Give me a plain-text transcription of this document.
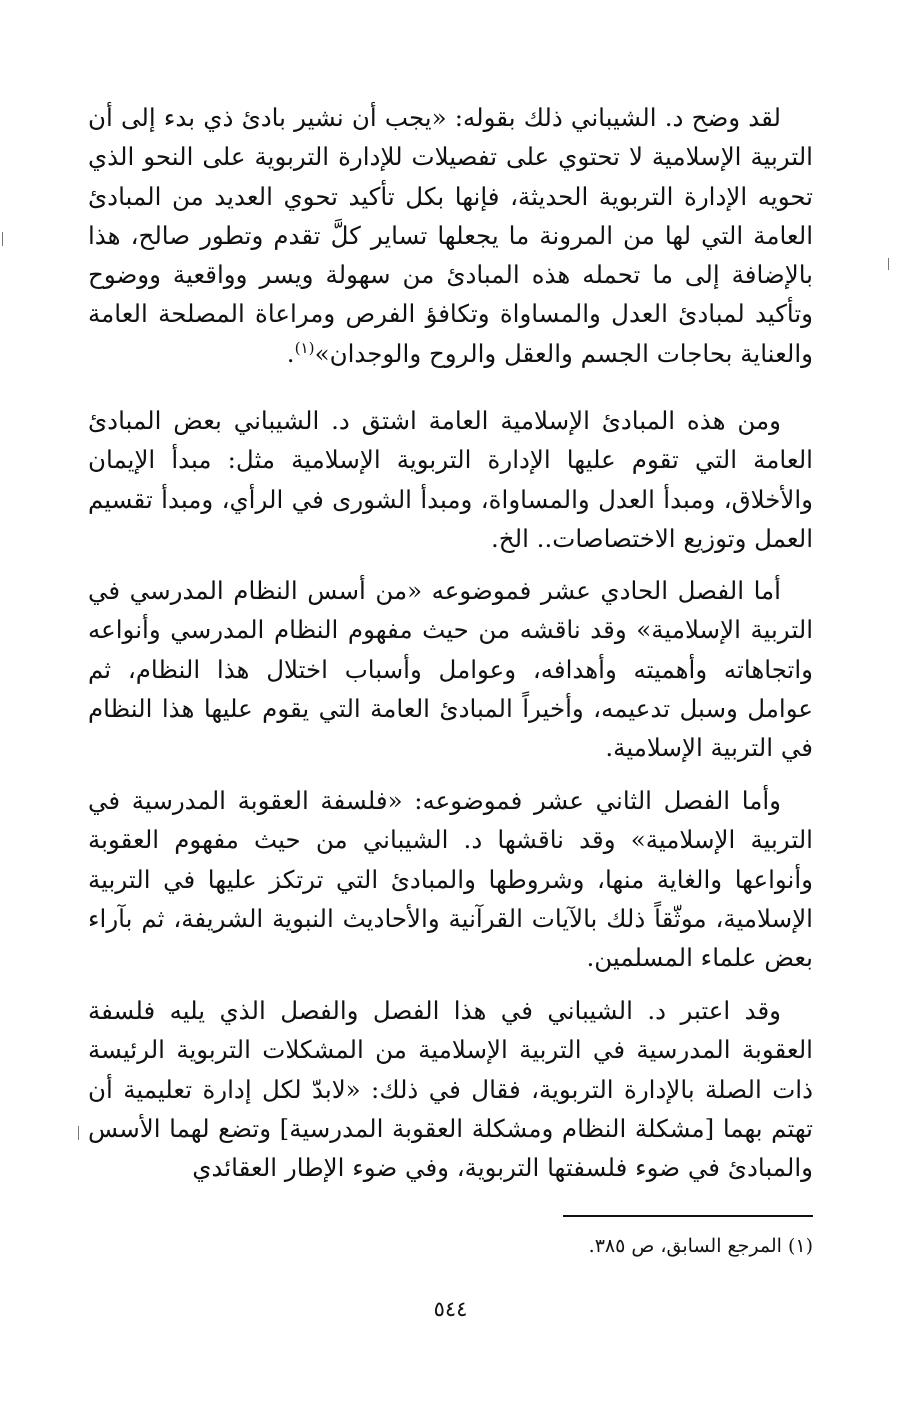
لقد وضح د. الشيباني ذلك بقوله: «يجب أن نشير بادئ ذي بدء إلى أن التربية الإسلامية لا تحتوي على تفصيلات للإدارة التربوية على النحو الذي تحويه الإدارة التربوية الحديثة، فإنها بكل تأكيد تحوي العديد من المبادئ العامة التي لها من المرونة ما يجعلها تساير كلَّ تقدم وتطور صالح، هذا بالإضافة إلى ما تحمله هذه المبادئ من سهولة ويسر وواقعية ووضوح وتأكيد لمبادئ العدل والمساواة وتكافؤ الفرص ومراعاة المصلحة العامة والعناية بحاجات الجسم والعقل والروح والوجدان»$^{(١)}$.

ومن هذه المبادئ الإسلامية العامة اشتق د. الشيباني بعض المبادئ العامة التي تقوم عليها الإدارة التربوية الإسلامية مثل: مبدأ الإيمان والأخلاق، ومبدأ العدل والمساواة، ومبدأ الشورى في الرأي، ومبدأ تقسيم العمل وتوزيع الاختصاصات.. الخ.

أما الفصل الحادي عشر فموضوعه «من أسس النظام المدرسي في التربية الإسلامية» وقد ناقشه من حيث مفهوم النظام المدرسي وأنواعه واتجاهاته وأهميته وأهدافه، وعوامل وأسباب اختلال هذا النظام، ثم عوامل وسبل تدعيمه، وأخيراً المبادئ العامة التي يقوم عليها هذا النظام في التربية الإسلامية.

وأما الفصل الثاني عشر فموضوعه: «فلسفة العقوبة المدرسية في التربية الإسلامية» وقد ناقشها د. الشيباني من حيث مفهوم العقوبة وأنواعها والغاية منها، وشروطها والمبادئ التي ترتكز عليها في التربية الإسلامية، موثّقاً ذلك بالآيات القرآنية والأحاديث النبوية الشريفة، ثم بآراء بعض علماء المسلمين.

وقد اعتبر د. الشيباني في هذا الفصل والفصل الذي يليه فلسفة العقوبة المدرسية في التربية الإسلامية من المشكلات التربوية الرئيسة ذات الصلة بالإدارة التربوية، فقال في ذلك: «لابدّ لكل إدارة تعليمية أن تهتم بهما [مشكلة النظام ومشكلة العقوبة المدرسية] وتضع لهما الأسس والمبادئ في ضوء فلسفتها التربوية، وفي ضوء الإطار العقائدي

(١) المرجع السابق، ص ٣٨٥.
٥٤٤
